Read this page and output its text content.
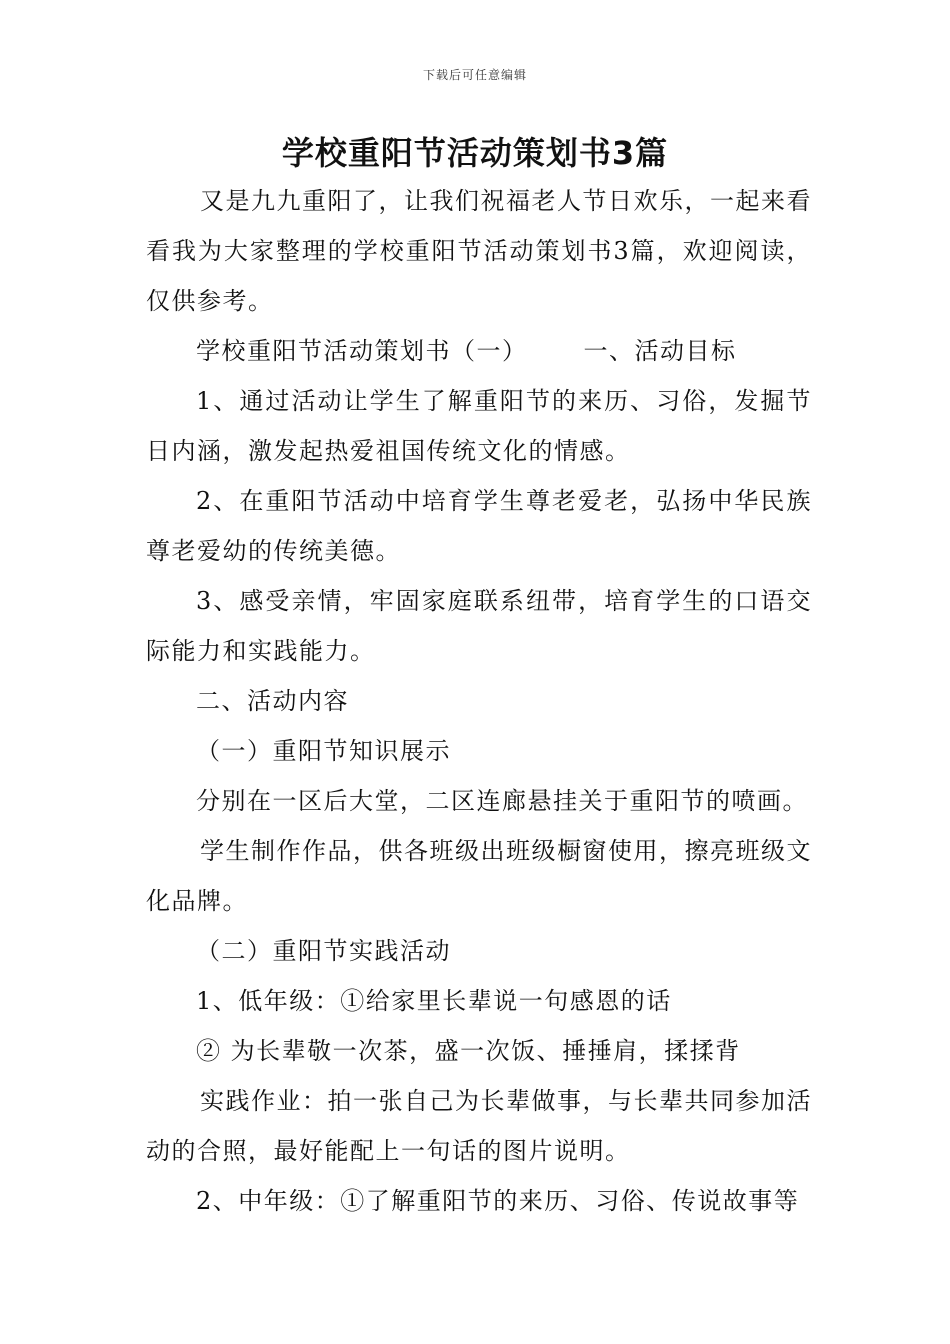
下载后可任意编辑
学校重阳节活动策划书3篇

又是九九重阳了，让我们祝福老人节日欢乐，一起来看看我为大家整理的学校重阳节活动策划书3篇，欢迎阅读，仅供参考。

学校重阳节活动策划书（一） 一、活动目标

1、通过活动让学生了解重阳节的来历、习俗，发掘节日内涵，激发起热爱祖国传统文化的情感。

2、在重阳节活动中培育学生尊老爱老，弘扬中华民族尊老爱幼的传统美德。

3、感受亲情，牢固家庭联系纽带，培育学生的口语交际能力和实践能力。

二、活动内容

（一）重阳节知识展示

分别在一区后大堂，二区连廊悬挂关于重阳节的喷画。

学生制作作品，供各班级出班级橱窗使用，擦亮班级文化品牌。

（二）重阳节实践活动

1、低年级：①给家里长辈说一句感恩的话

② 为长辈敬一次茶，盛一次饭、捶捶肩，揉揉背

实践作业：拍一张自己为长辈做事，与长辈共同参加活动的合照，最好能配上一句话的图片说明。

2、中年级：①了解重阳节的来历、习俗、传说故事等
